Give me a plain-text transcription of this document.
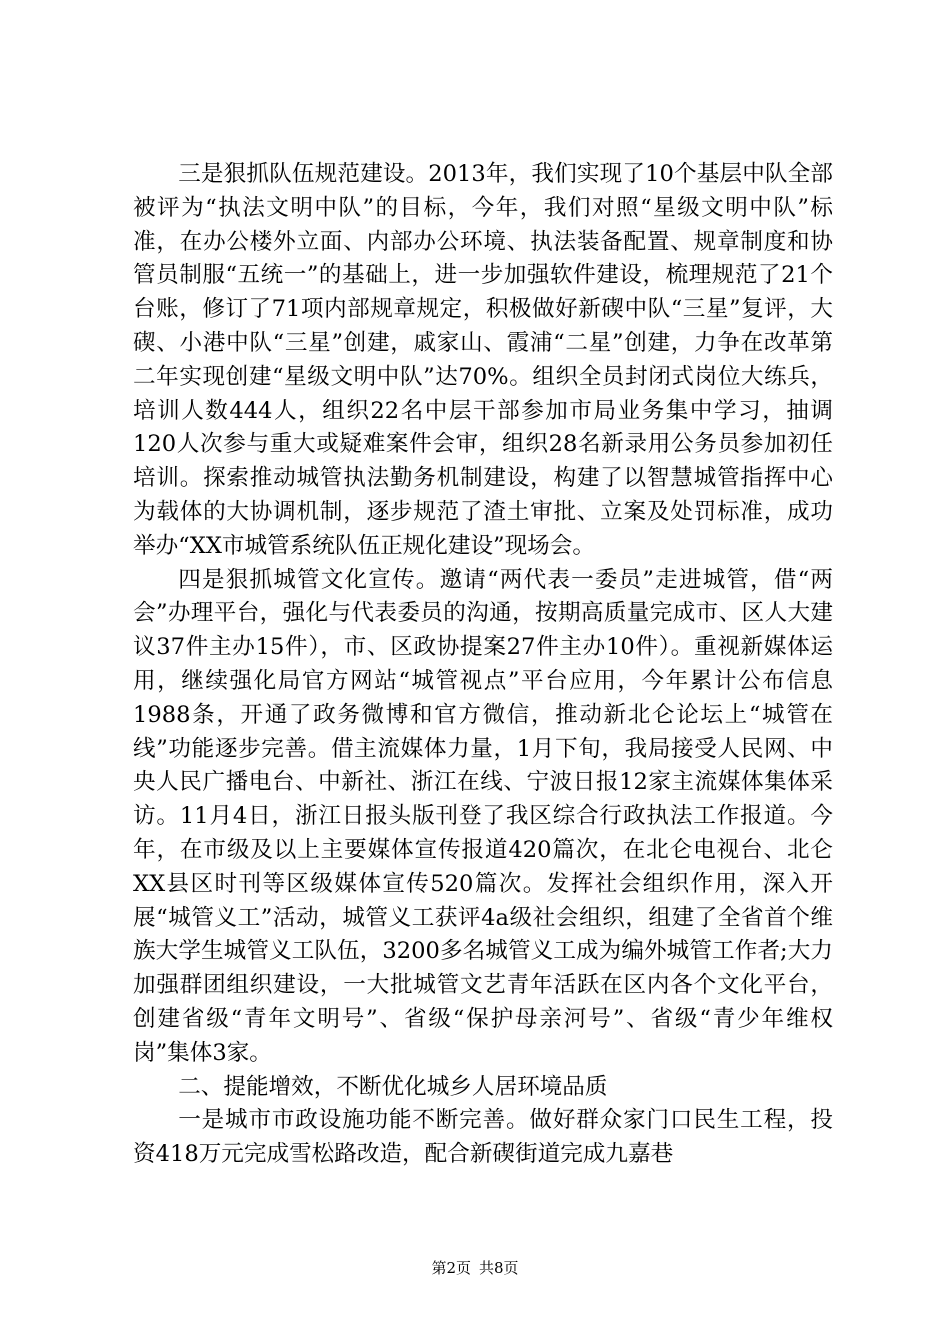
三是狠抓队伍规范建设。2013年，我们实现了10个基层中队全部被评为“执法文明中队”的目标，今年，我们对照“星级文明中队”标准，在办公楼外立面、内部办公环境、执法装备配置、规章制度和协管员制服“五统一”的基础上，进一步加强软件建设，梳理规范了21个台账，修订了71项内部规章规定，积极做好新碶中队“三星”复评，大碶、小港中队“三星”创建，戚家山、霞浦“二星”创建，力争在改革第二年实现创建“星级文明中队”达70%。组织全员封闭式岗位大练兵，培训人数444人，组织22名中层干部参加市局业务集中学习，抽调120人次参与重大或疑难案件会审，组织28名新录用公务员参加初任培训。探索推动城管执法勤务机制建设，构建了以智慧城管指挥中心为载体的大协调机制，逐步规范了渣土审批、立案及处罚标准，成功举办“XX市城管系统队伍正规化建设”现场会。

四是狠抓城管文化宣传。邀请“两代表一委员”走进城管，借“两会”办理平台，强化与代表委员的沟通，按期高质量完成市、区人大建议37件主办15件），市、区政协提案27件主办10件）。重视新媒体运用，继续强化局官方网站“城管视点”平台应用，今年累计公布信息1988条，开通了政务微博和官方微信，推动新北仑论坛上“城管在线”功能逐步完善。借主流媒体力量，1月下旬，我局接受人民网、中央人民广播电台、中新社、浙江在线、宁波日报12家主流媒体集体采访。11月4日，浙江日报头版刊登了我区综合行政执法工作报道。今年，在市级及以上主要媒体宣传报道420篇次，在北仑电视台、北仑XX县区时刊等区级媒体宣传520篇次。发挥社会组织作用，深入开展“城管义工”活动，城管义工获评4a级社会组织，组建了全省首个维族大学生城管义工队伍，3200多名城管义工成为编外城管工作者;大力加强群团组织建设，一大批城管文艺青年活跃在区内各个文化平台，创建省级“青年文明号”、省级“保护母亲河号”、省级“青少年维权岗”集体3家。

二、提能增效，不断优化城乡人居环境品质

一是城市市政设施功能不断完善。做好群众家门口民生工程，投资418万元完成雪松路改造，配合新碶街道完成九嘉巷

第2页 共8页
